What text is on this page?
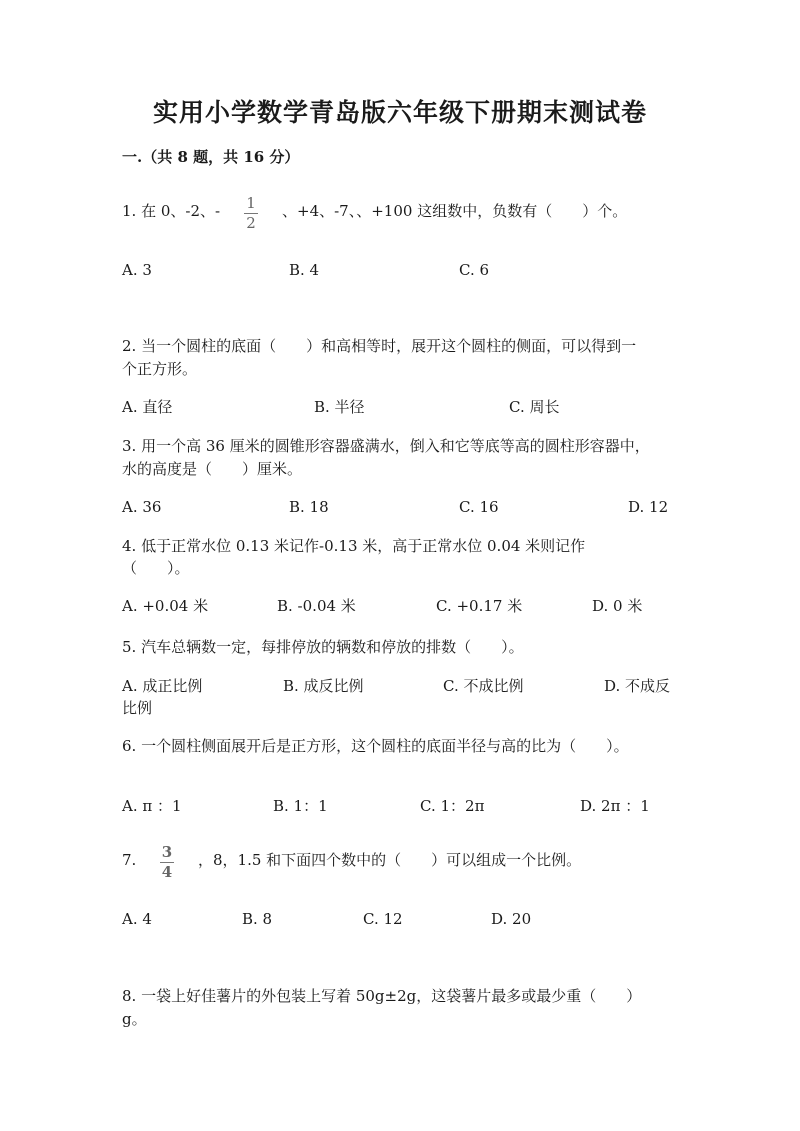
实用小学数学青岛版六年级下册期末测试卷
一.（共 8 题，共 16 分）
1. 在 0、-2、- 1
2
、+4、-7、、+100 这组数中，负数有（　　）个。
A. 3	B. 4	C. 6
2. 当一个圆柱的底面（　　）和高相等时，展开这个圆柱的侧面，可以得到一
个正方形。
A. 直径	B. 半径	C. 周长
3. 用一个高 36 厘米的圆锥形容器盛满水，倒入和它等底等高的圆柱形容器中，
水的高度是（　　）厘米。
A. 36	B. 18	C. 16	D. 12
4. 低于正常水位 0.13 米记作-0.13 米，高于正常水位 0.04 米则记作
（　　）。
A. +0.04 米	B. -0.04 米	C. +0.17 米	D. 0 米
5. 汽车总辆数一定，每排停放的辆数和停放的排数（　　）。
A. 成正比例	B. 成反比例	C. 不成比例	D. 不成反
比例
6. 一个圆柱侧面展开后是正方形，这个圆柱的底面半径与高的比为（　　）。
A. π ：1	B. 1：1	C. 1：2π	D. 2π ：1
7. 3
4
，8，1.5 和下面四个数中的（　　）可以组成一个比例。
A. 4	B. 8	C. 12	D. 20
8. 一袋上好佳薯片的外包装上写着 50g±2g，这袋薯片最多或最少重（　　）
g。
